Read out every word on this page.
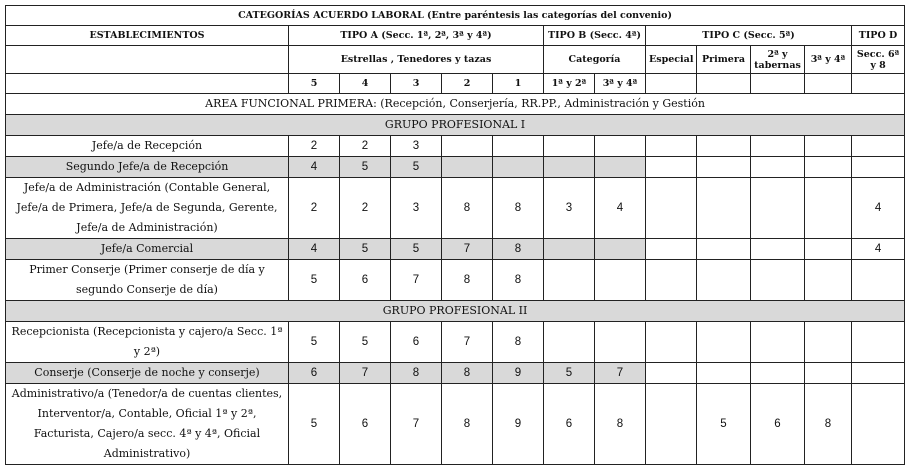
CATEGORÍAS ACUERDO LABORAL (Entre paréntesis las categorías del convenio)												
ESTABLECIMIENTOS	TIPO A (Secc. 1ª, 2ª, 3ª y 4ª)					TIPO B (Secc. 4ª)		TIPO C (Secc. 5ª)				TIPO D
	Estrellas , Tenedores y tazas					Categoría		Especial	Primera	2ª y tabernas	3ª y 4ª	Secc. 6ª y 8
	5	4	3	2	1	1ª y 2ª	3ª y 4ª					
AREA FUNCIONAL PRIMERA: (Recepción, Conserjería, RR.PP., Administración y Gestión												
GRUPO PROFESIONAL I												
Jefe/a de Recepción	2	2	3									
Segundo Jefe/a de Recepción	4	5	5									
Jefe/a de Administración (Contable General, Jefe/a de Primera, Jefe/a de Segunda, Gerente, Jefe/a de Administración)	2	2	3	8	8	3	4					4
Jefe/a Comercial	4	5	5	7	8							4
Primer Conserje (Primer conserje de día y segundo Conserje de día)	5	6	7	8	8							
GRUPO PROFESIONAL II												
Recepcionista (Recepcionista y cajero/a Secc. 1ª y 2ª)	5	5	6	7	8							
Conserje (Conserje de noche y conserje)	6	7	8	8	9	5	7					
Administrativo/a (Tenedor/a de cuentas clientes, Interventor/a, Contable, Oficial 1ª y 2ª, Facturista, Cajero/a secc. 4ª y 4ª, Oficial Administrativo)	5	6	7	8	9	6	8		5	6	8	
